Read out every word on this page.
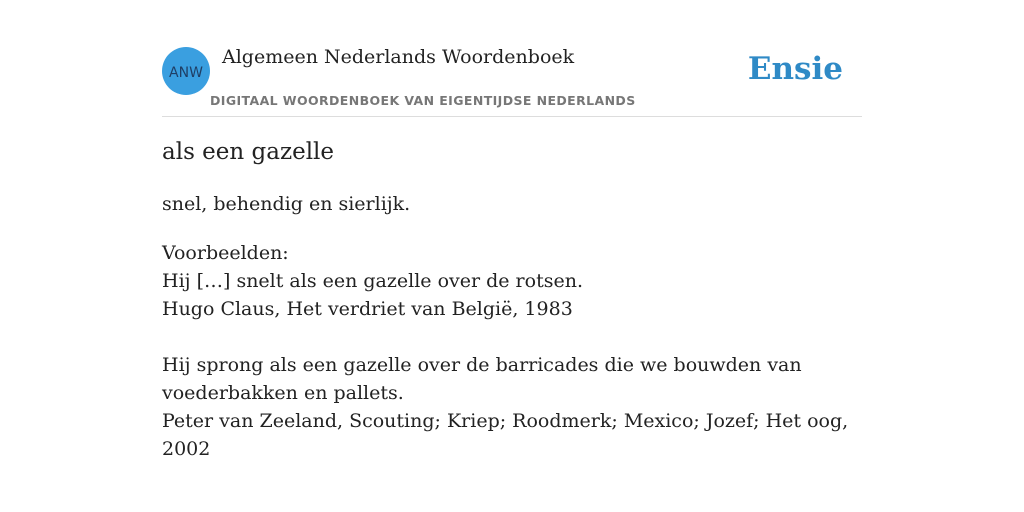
ANW
Algemeen Nederlands Woordenboek
DIGITAAL WOORDENBOEK VAN EIGENTIJDSE NEDERLANDS
Ensie
als een gazelle

snel, behendig en sierlijk.

Voorbeelden:
Hij […] snelt als een gazelle over de rotsen.
Hugo Claus, Het verdriet van België, 1983
Hij sprong als een gazelle over de barricades die we bouwden van voederbakken en pallets.
Peter van Zeeland, Scouting; Kriep; Roodmerk; Mexico; Jozef; Het oog, 2002
